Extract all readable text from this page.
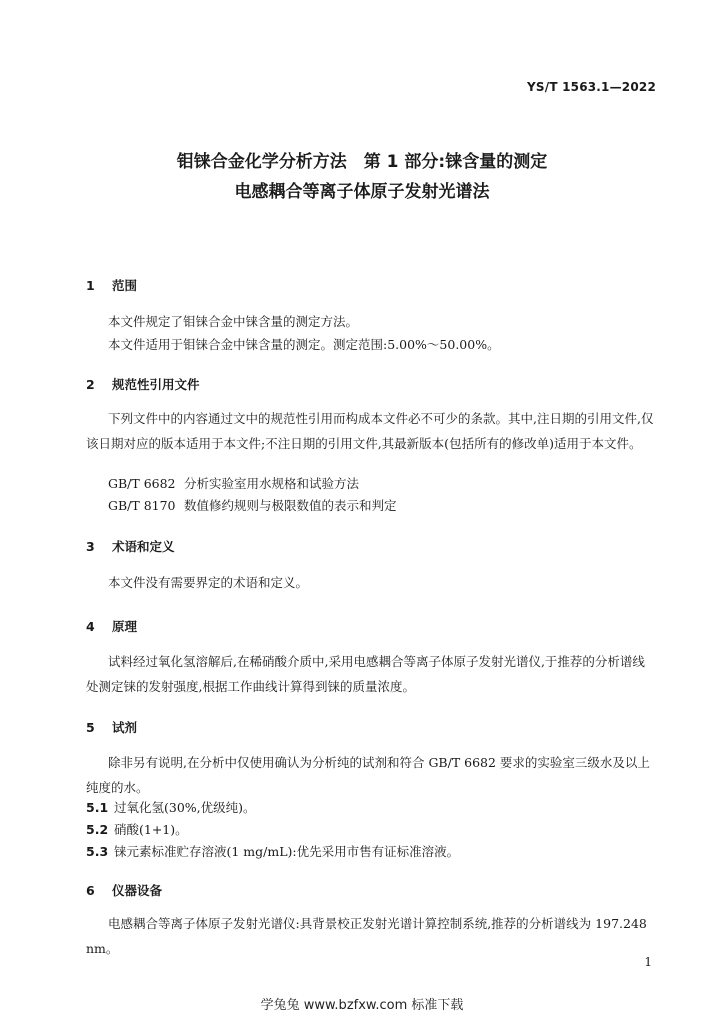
YS/T 1563.1—2022
钼铼合金化学分析方法　第 1 部分:铼含量的测定
电感耦合等离子体原子发射光谱法
1 范围
本文件规定了钼铼合金中铼含量的测定方法。
本文件适用于钼铼合金中铼含量的测定。测定范围:5.00%～50.00%。
2 规范性引用文件
下列文件中的内容通过文中的规范性引用而构成本文件必不可少的条款。其中,注日期的引用文件,仅该日期对应的版本适用于本文件;不注日期的引用文件,其最新版本(包括所有的修改单)适用于本文件。
GB/T 6682 分析实验室用水规格和试验方法
GB/T 8170 数值修约规则与极限数值的表示和判定
3 术语和定义
本文件没有需要界定的术语和定义。
4 原理
试料经过氧化氢溶解后,在稀硝酸介质中,采用电感耦合等离子体原子发射光谱仪,于推荐的分析谱线处测定铼的发射强度,根据工作曲线计算得到铼的质量浓度。
5 试剂
除非另有说明,在分析中仅使用确认为分析纯的试剂和符合 GB/T 6682 要求的实验室三级水及以上纯度的水。
5.1 过氧化氢(30%,优级纯)。
5.2 硝酸(1+1)。
5.3 铼元素标准贮存溶液(1 mg/mL):优先采用市售有证标准溶液。
6 仪器设备
电感耦合等离子体原子发射光谱仪:具背景校正发射光谱计算控制系统,推荐的分析谱线为 197.248 nm。
1
学兔兔 www.bzfxw.com 标准下载
